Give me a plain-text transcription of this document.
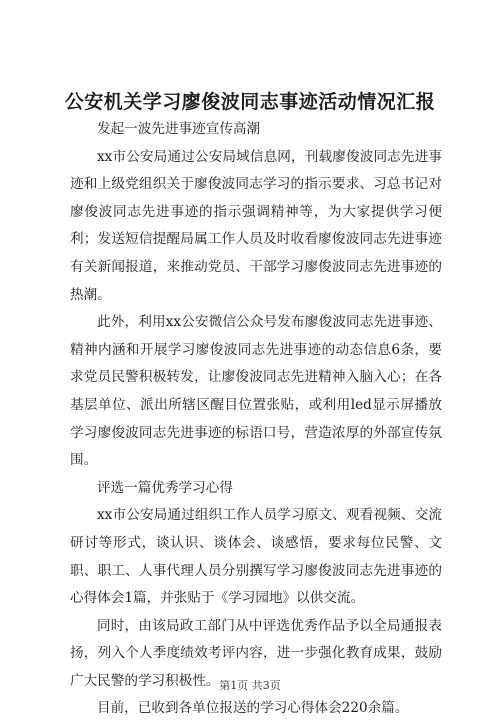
公安机关学习廖俊波同志事迹活动情况汇报

发起一波先进事迹宣传高潮

xx市公安局通过公安局域信息网，刊载廖俊波同志先进事迹和上级党组织关于廖俊波同志学习的指示要求、习总书记对廖俊波同志先进事迹的指示强调精神等，为大家提供学习便利；发送短信提醒局属工作人员及时收看廖俊波同志先进事迹有关新闻报道，来推动党员、干部学习廖俊波同志先进事迹的热潮。

此外，利用xx公安微信公众号发布廖俊波同志先进事迹、精神内涵和开展学习廖俊波同志先进事迹的动态信息6条，要求党员民警积极转发，让廖俊波同志先进精神入脑入心；在各基层单位、派出所辖区醒目位置张贴，或利用led显示屏播放学习廖俊波同志先进事迹的标语口号，营造浓厚的外部宣传氛围。

评选一篇优秀学习心得

xx市公安局通过组织工作人员学习原文、观看视频、交流研讨等形式，谈认识、谈体会、谈感悟，要求每位民警、文职、职工、人事代理人员分别撰写学习廖俊波同志先进事迹的心得体会1篇，并张贴于《学习园地》以供交流。

同时，由该局政工部门从中评选优秀作品予以全局通报表扬，列入个人季度绩效考评内容，进一步强化教育成果，鼓励广大民警的学习积极性。

目前，已收到各单位报送的学习心得体会220余篇。

第1页 共3页
